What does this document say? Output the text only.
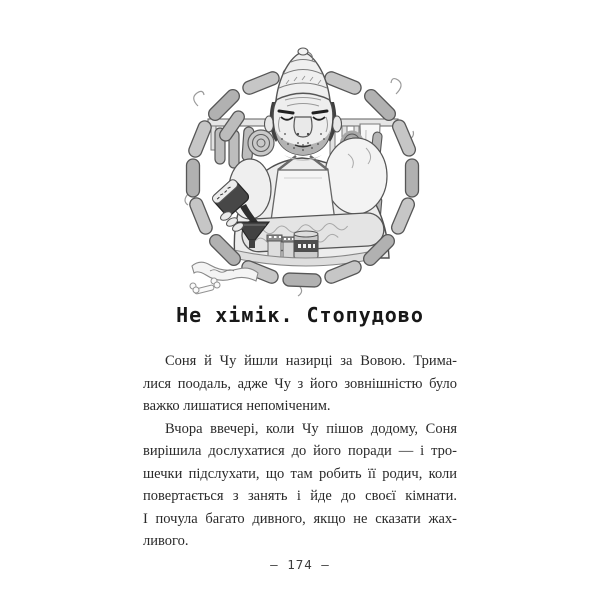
Не хімік. Стопудово
Соня й Чу йшли назирці за Вовою. Трима-
лися поодаль, адже Чу з його зовнішністю було
важко лишатися непоміченим.
Вчора ввечері, коли Чу пішов додому, Соня
вирішила дослухатися до його поради — і тро-
шечки підслухати, що там робить її родич, коли
повертається з занять і йде до своєї кімнати.
І почула багато дивного, якщо не сказати жах-
ливого.
— 174 —
